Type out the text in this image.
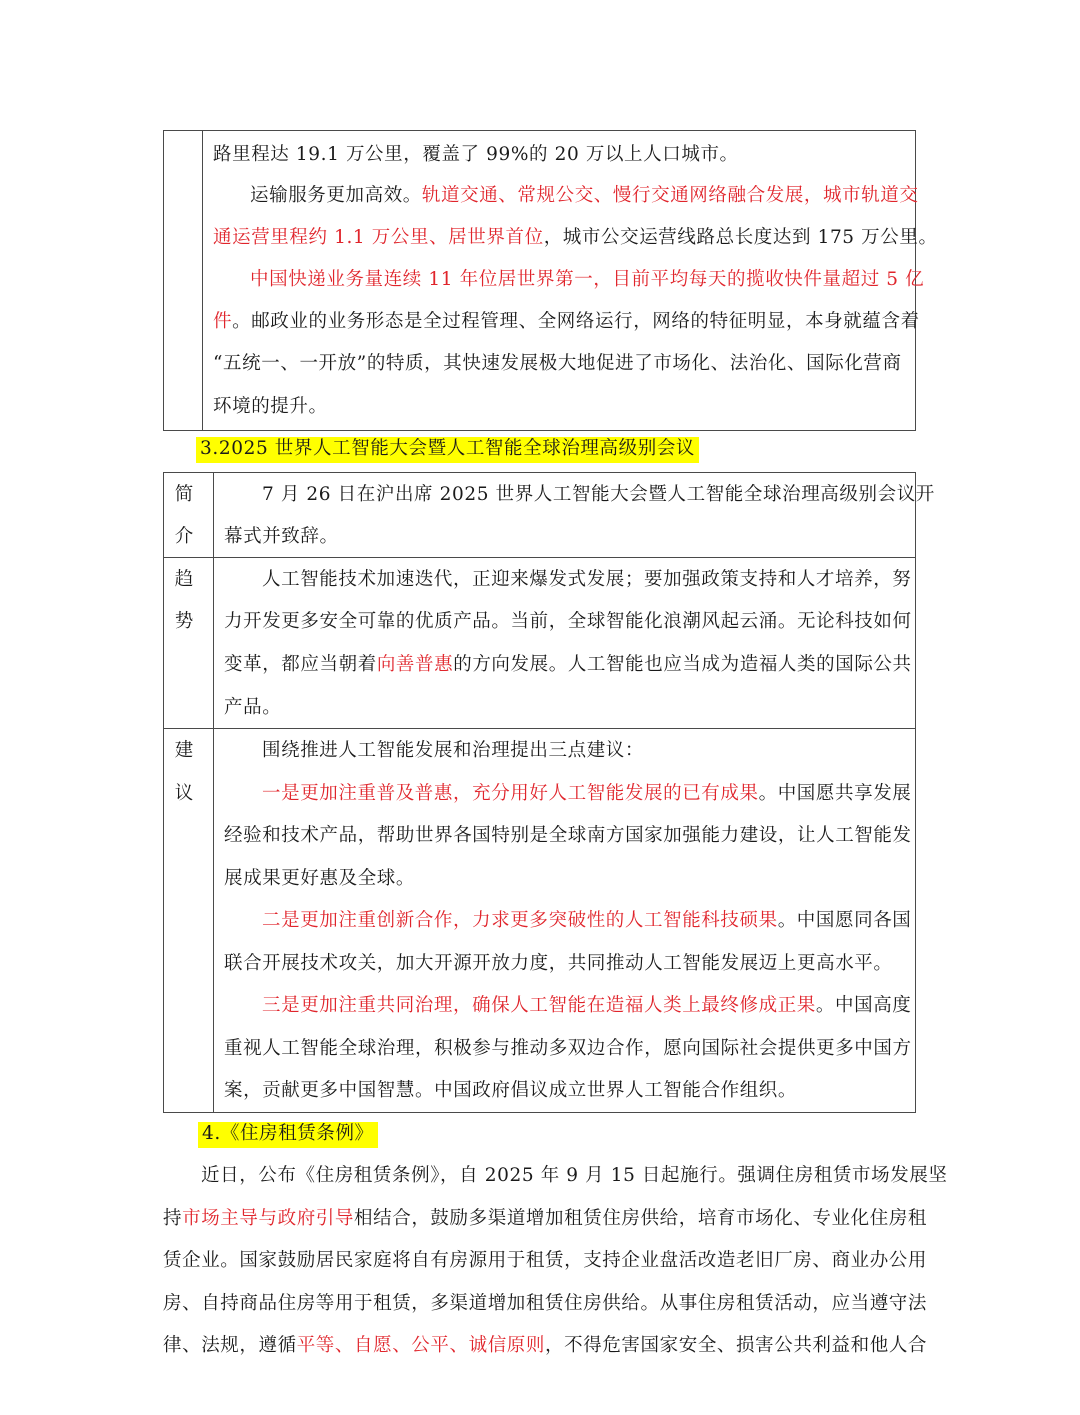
路里程达 19.1 万公里，覆盖了 99%的 20 万以上人口城市。
运输服务更加高效。轨道交通、常规公交、慢行交通网络融合发展，城市轨道交
通运营里程约 1.1 万公里、居世界首位，城市公交运营线路总长度达到 175 万公里。
中国快递业务量连续 11 年位居世界第一，目前平均每天的揽收快件量超过 5 亿
件。邮政业的业务形态是全过程管理、全网络运行，网络的特征明显，本身就蕴含着
“五统一、一开放”的特质，其快速发展极大地促进了市场化、法治化、国际化营商
环境的提升。
3.2025 世界人工智能大会暨人工智能全球治理高级别会议
简
介
趋
势
建
议
7 月 26 日在沪出席 2025 世界人工智能大会暨人工智能全球治理高级别会议开
幕式并致辞。
人工智能技术加速迭代，正迎来爆发式发展；要加强政策支持和人才培养，努
力开发更多安全可靠的优质产品。当前，全球智能化浪潮风起云涌。无论科技如何
变革，都应当朝着向善普惠的方向发展。人工智能也应当成为造福人类的国际公共
产品。
围绕推进人工智能发展和治理提出三点建议：
一是更加注重普及普惠，充分用好人工智能发展的已有成果。中国愿共享发展
经验和技术产品，帮助世界各国特别是全球南方国家加强能力建设，让人工智能发
展成果更好惠及全球。
二是更加注重创新合作，力求更多突破性的人工智能科技硕果。中国愿同各国
联合开展技术攻关，加大开源开放力度，共同推动人工智能发展迈上更高水平。
三是更加注重共同治理，确保人工智能在造福人类上最终修成正果。中国高度
重视人工智能全球治理，积极参与推动多双边合作，愿向国际社会提供更多中国方
案，贡献更多中国智慧。中国政府倡议成立世界人工智能合作组织。
4.《住房租赁条例》
近日，公布《住房租赁条例》，自 2025 年 9 月 15 日起施行。强调住房租赁市场发展坚
持市场主导与政府引导相结合，鼓励多渠道增加租赁住房供给，培育市场化、专业化住房租
赁企业。国家鼓励居民家庭将自有房源用于租赁，支持企业盘活改造老旧厂房、商业办公用
房、自持商品住房等用于租赁，多渠道增加租赁住房供给。从事住房租赁活动，应当遵守法
律、法规，遵循平等、自愿、公平、诚信原则，不得危害国家安全、损害公共利益和他人合
